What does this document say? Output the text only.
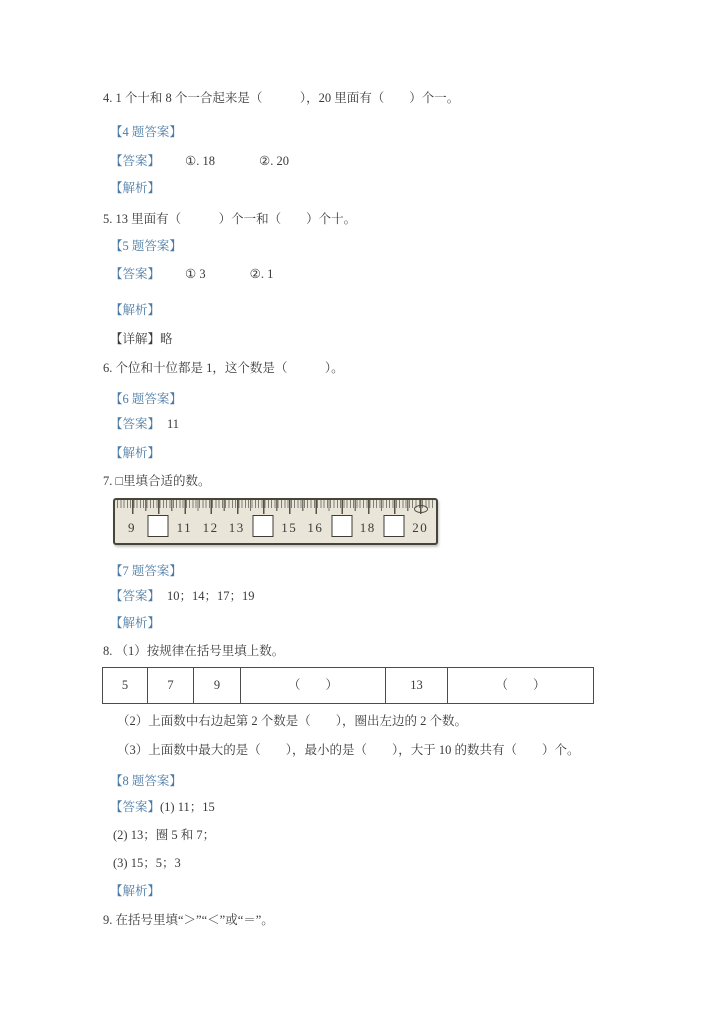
4. 1 个十和 8 个一合起来是（　　　），20 里面有（　　）个一。
【4 题答案】
【答案】 ①. 18	②. 20
【解析】
5. 13 里面有（　　　）个一和（　　）个十。
【5 题答案】
【答案】 ① 3	②. 1
【解析】
【详解】略
6. 个位和十位都是 1，这个数是（　　　）。
【6 题答案】
【答案】 11
【解析】
7. □里填合适的数。
9	11 12 13	15 16	18	20
【7 题答案】
【答案】 10；14；17；19
【解析】
8. （1）按规律在括号里填上数。
5	7	9	（　　）	13	（　　）
（2）上面数中右边起第 2 个数是（　　），圈出左边的 2 个数。
（3）上面数中最大的是（　　），最小的是（　　），大于 10 的数共有（　　）个。
【8 题答案】
【答案】(1) 11；15
(2) 13；圈 5 和 7；
(3) 15；5；3
【解析】
9. 在括号里填“＞”“＜”或“＝”。
